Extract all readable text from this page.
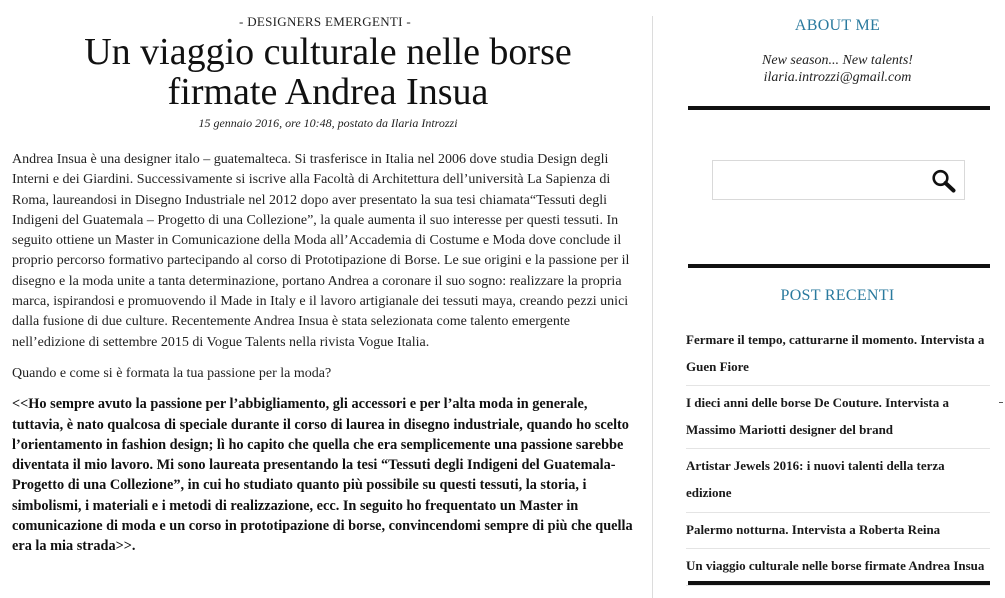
- DESIGNERS EMERGENTI -
Un viaggio culturale nelle borse
firmate Andrea Insua
15 gennaio 2016, ore 10:48, postato da Ilaria Introzzi

Andrea Insua è una designer italo – guatemalteca. Si trasferisce in Italia nel 2006 dove studia Design degli Interni e dei Giardini. Successivamente si iscrive alla Facoltà di Architettura dell’università La Sapienza di Roma, laureandosi in Disegno Industriale nel 2012 dopo aver presentato la sua tesi chiamata“Tessuti degli Indigeni del Guatemala – Progetto di una Collezione”, la quale aumenta il suo interesse per questi tessuti. In seguito ottiene un Master in Comunicazione della Moda all’Accademia di Costume e Moda dove conclude il proprio percorso formativo partecipando al corso di Prototipazione di Borse. Le sue origini e la passione per il disegno e la moda unite a tanta determinazione, portano Andrea a coronare il suo sogno: realizzare la propria marca, ispirandosi e promuovendo il Made in Italy e il lavoro artigianale dei tessuti maya, creando pezzi unici dalla fusione di due culture. Recentemente Andrea Insua è stata selezionata come talento emergente nell’edizione di settembre 2015 di Vogue Talents nella rivista Vogue Italia.

Quando e come si è formata la tua passione per la moda?

<<Ho sempre avuto la passione per l’abbigliamento, gli accessori e per l’alta moda in generale, tuttavia, è nato qualcosa di speciale durante il corso di laurea in disegno industriale, quando ho scelto l’orientamento in fashion design; lì ho capito che quella che era semplicemente una passione sarebbe diventata il mio lavoro. Mi sono laureata presentando la tesi “Tessuti degli Indigeni del Guatemala-Progetto di una Collezione”, in cui ho studiato quanto più possibile su questi tessuti, la storia, i simbolismi, i materiali e i metodi di realizzazione, ecc. In seguito ho frequentato un Master in comunicazione di moda e un corso in prototipazione di borse, convincendomi sempre di più che quella era la mia strada>>.

ABOUT ME
New season... New talents!
ilaria.introzzi@gmail.com
POST RECENTI
Fermare il tempo, catturarne il momento. Intervista a Guen Fiore
I dieci anni delle borse De Couture. Intervista a Massimo Mariotti designer del brand
Artistar Jewels 2016: i nuovi talenti della terza edizione
Palermo notturna. Intervista a Roberta Reina
Un viaggio culturale nelle borse firmate Andrea Insua
